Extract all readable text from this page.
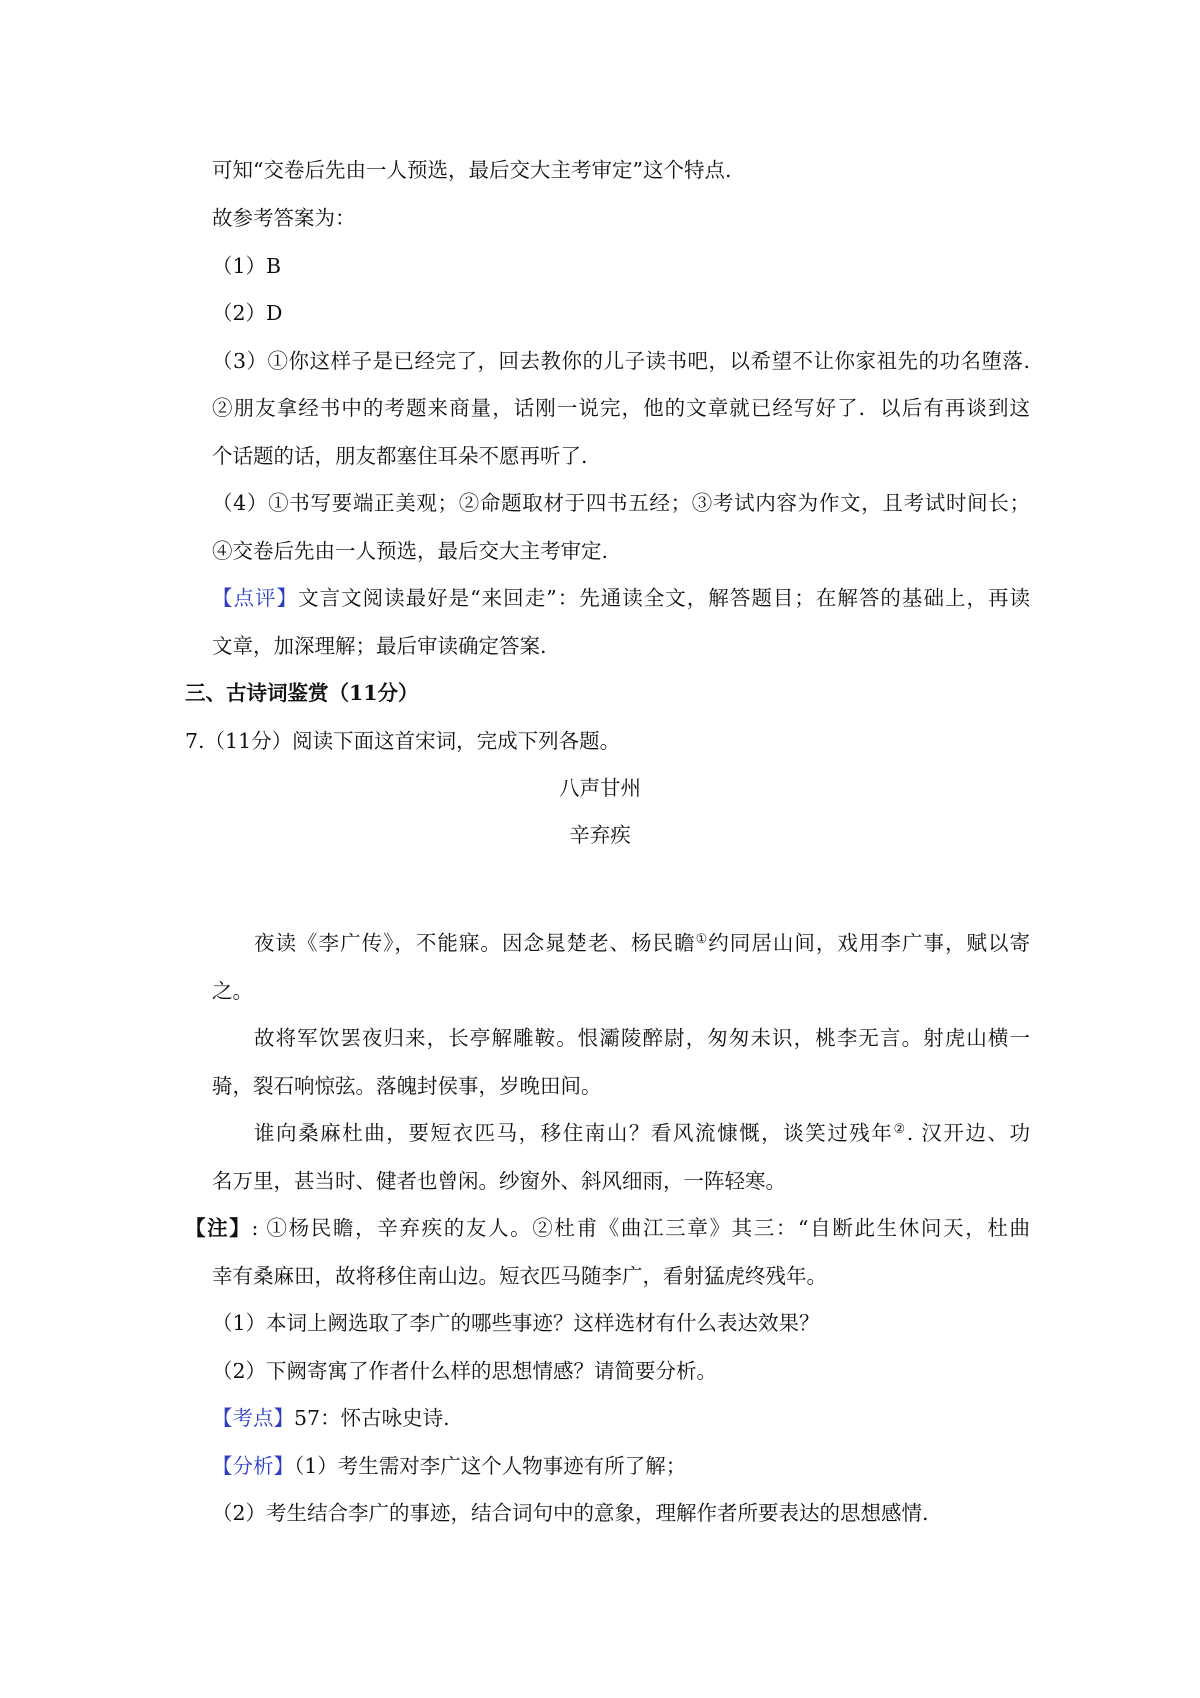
可知“交卷后先由一人预选，最后交大主考审定”这个特点.
故参考答案为：
（1）B
（2）D
（3）①你这样子是已经完了，回去教你的儿子读书吧，以希望不让你家祖先的功名堕落.
②朋友拿经书中的考题来商量，话刚一说完，他的文章就已经写好了．以后有再谈到这
个话题的话，朋友都塞住耳朵不愿再听了.
（4）①书写要端正美观；②命题取材于四书五经；③考试内容为作文，且考试时间长；
④交卷后先由一人预选，最后交大主考审定.
【点评】文言文阅读最好是“来回走”：先通读全文，解答题目；在解答的基础上，再读
文章，加深理解；最后审读确定答案.
三、古诗词鉴赏（11分）
7.（11分）阅读下面这首宋词，完成下列各题。
八声甘州
辛弃疾
夜读《李广传》，不能寐。因念晁楚老、杨民瞻①约同居山间，戏用李广事，赋以寄
之。
故将军饮罢夜归来，长亭解雕鞍。恨灞陵醉尉，匆匆未识，桃李无言。射虎山横一
骑，裂石响惊弦。落魄封侯事，岁晚田间。
谁向桑麻杜曲，要短衣匹马，移住南山？看风流慷慨，谈笑过残年②. 汉开边、功
名万里，甚当时、健者也曾闲。纱窗外、斜风细雨，一阵轻寒。
【注】: ①杨民瞻，辛弃疾的友人。②杜甫《曲江三章》其三：“自断此生休问天，杜曲
幸有桑麻田，故将移住南山边。短衣匹马随李广，看射猛虎终残年。
（1）本词上阙选取了李广的哪些事迹？这样选材有什么表达效果？
（2）下阙寄寓了作者什么样的思想情感？请简要分析。
【考点】57：怀古咏史诗.
【分析】（1）考生需对李广这个人物事迹有所了解；
（2）考生结合李广的事迹，结合词句中的意象，理解作者所要表达的思想感情.
